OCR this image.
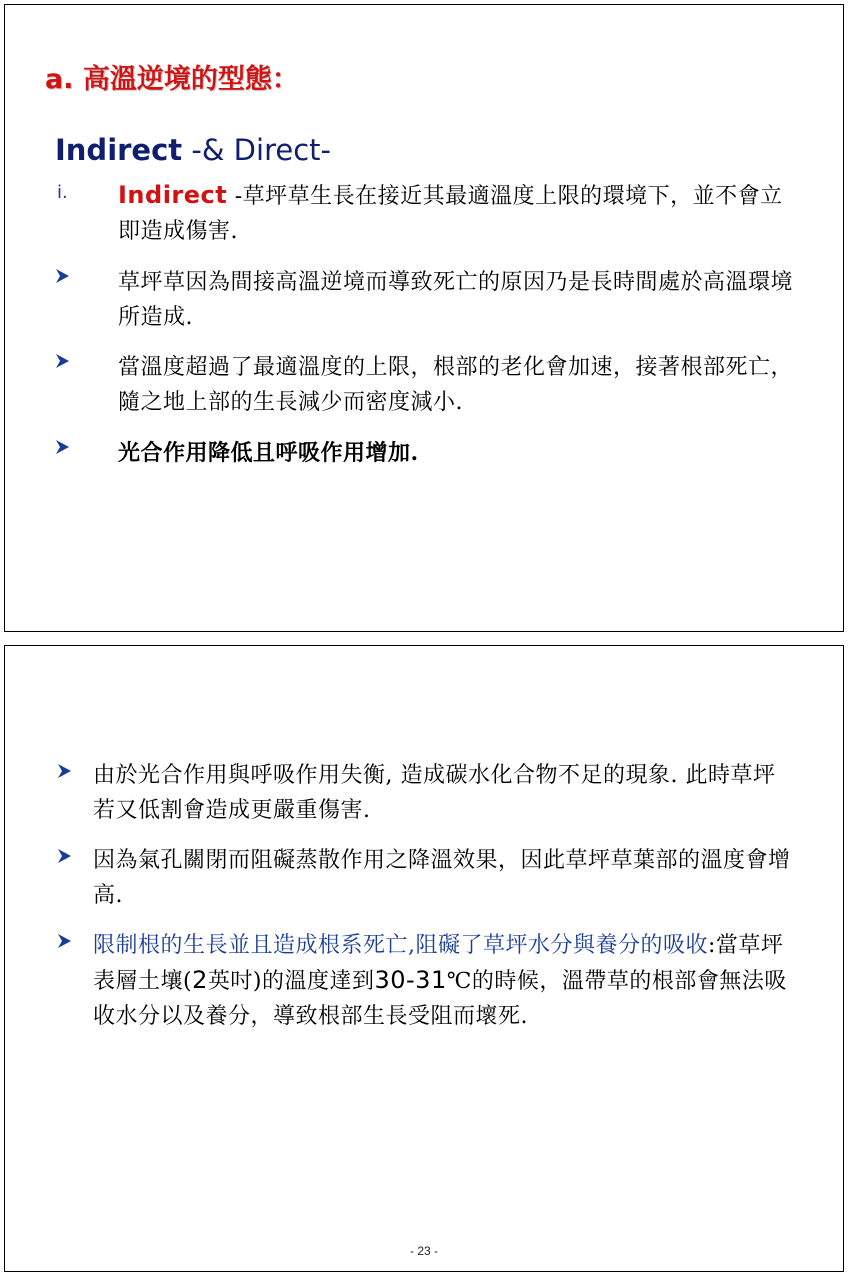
a. 高溫逆境的型態：
Indirect -& Direct-
i.	Indirect -草坪草生長在接近其最適溫度上限的環境下，並不會立即造成傷害.
草坪草因為間接高溫逆境而導致死亡的原因乃是長時間處於高溫環境所造成.
當溫度超過了最適溫度的上限，根部的老化會加速，接著根部死亡，隨之地上部的生長減少而密度減小.
光合作用降低且呼吸作用增加.
由於光合作用與呼吸作用失衡, 造成碳水化合物不足的現象. 此時草坪若又低割會造成更嚴重傷害.
因為氣孔關閉而阻礙蒸散作用之降溫效果，因此草坪草葉部的溫度會增高.
限制根的生長並且造成根系死亡,阻礙了草坪水分與養分的吸收:當草坪表層土壤(2英吋)的溫度達到30-31℃的時候，溫帶草的根部會無法吸收水分以及養分，導致根部生長受阻而壞死.
- 23 -
